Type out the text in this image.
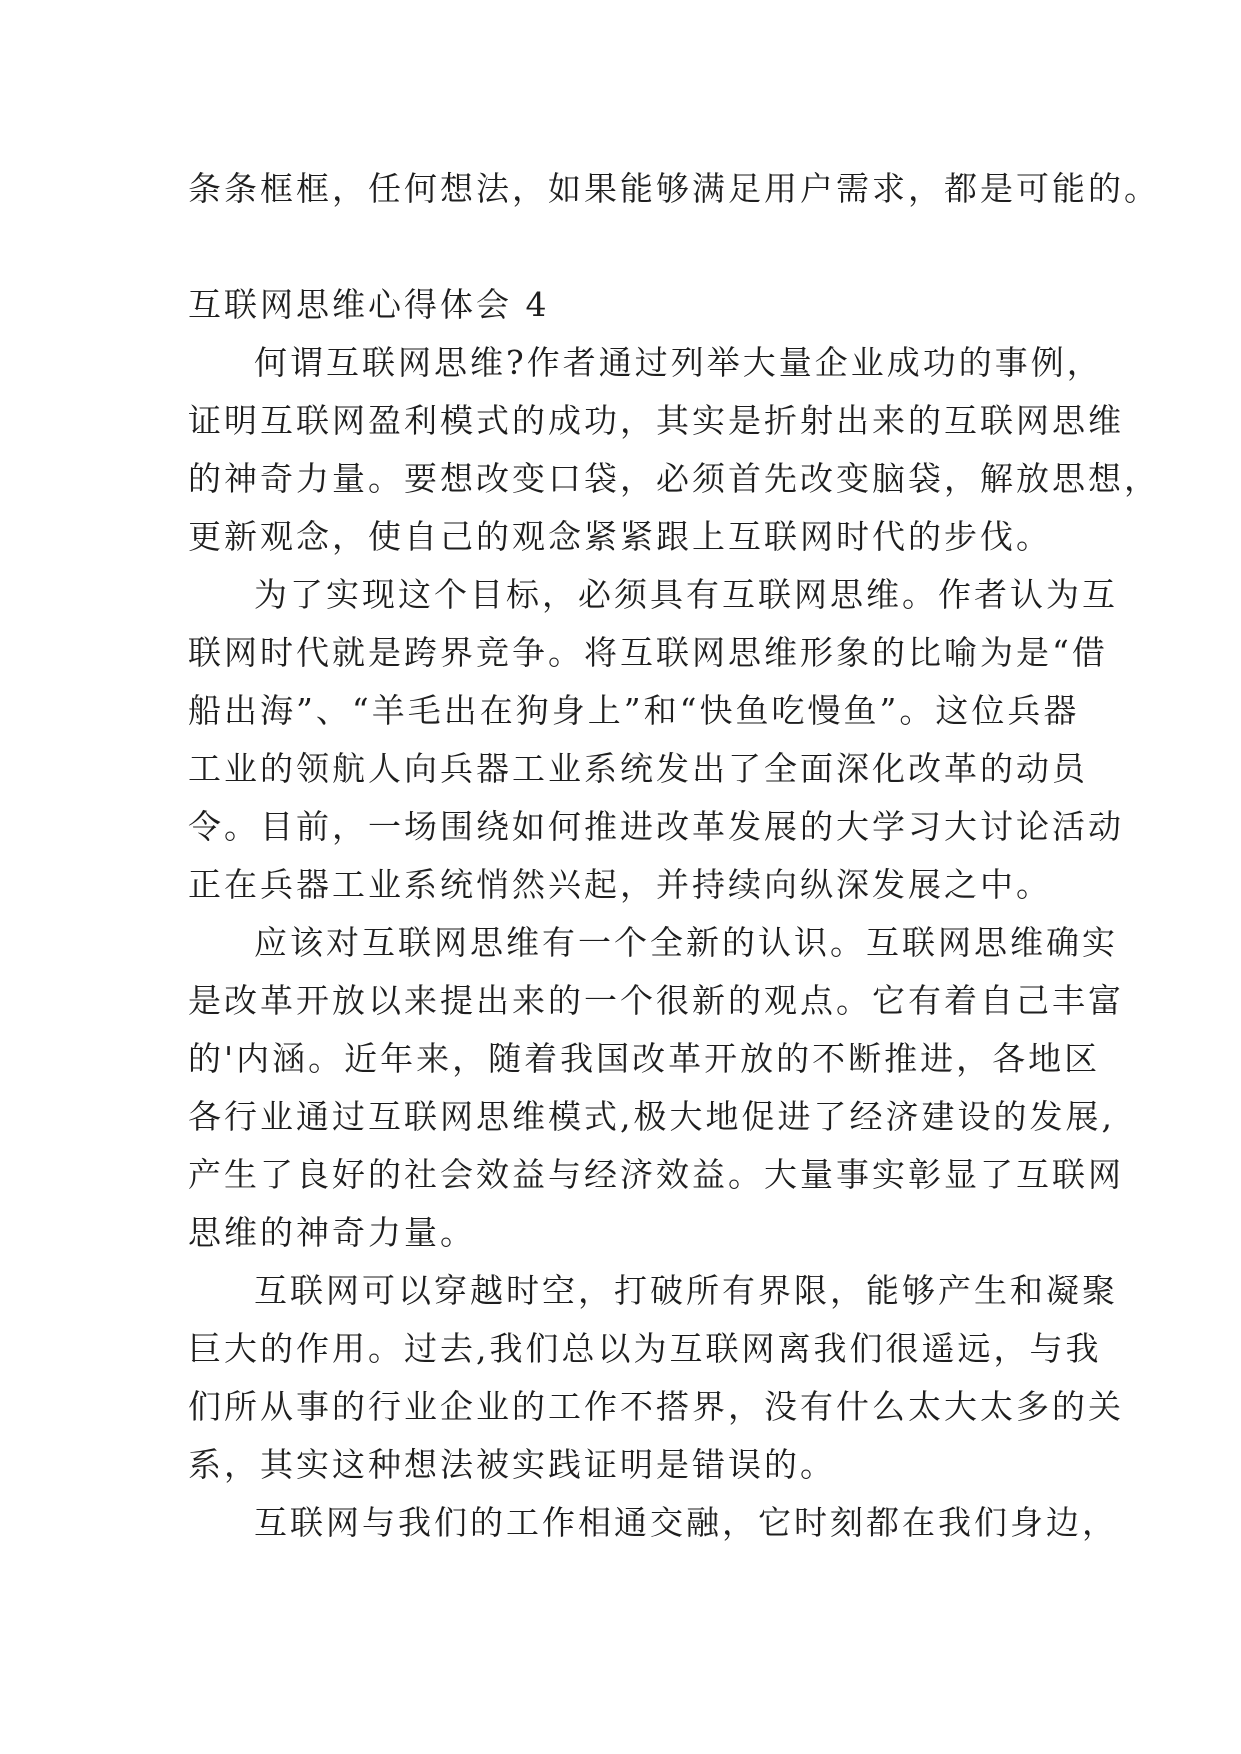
条条框框，任何想法，如果能够满足用户需求，都是可能的。
互联网思维心得体会 4
何谓互联网思维?作者通过列举大量企业成功的事例，
证明互联网盈利模式的成功，其实是折射出来的互联网思维
的神奇力量。要想改变口袋，必须首先改变脑袋，解放思想，
更新观念，使自己的观念紧紧跟上互联网时代的步伐。
为了实现这个目标，必须具有互联网思维。作者认为互
联网时代就是跨界竞争。将互联网思维形象的比喻为是“借
船出海”、“羊毛出在狗身上”和“快鱼吃慢鱼”。这位兵器
工业的领航人向兵器工业系统发出了全面深化改革的动员
令。目前，一场围绕如何推进改革发展的大学习大讨论活动
正在兵器工业系统悄然兴起，并持续向纵深发展之中。
应该对互联网思维有一个全新的认识。互联网思维确实
是改革开放以来提出来的一个很新的观点。它有着自己丰富
的'内涵。近年来，随着我国改革开放的不断推进，各地区
各行业通过互联网思维模式,极大地促进了经济建设的发展,
产生了良好的社会效益与经济效益。大量事实彰显了互联网
思维的神奇力量。
互联网可以穿越时空，打破所有界限，能够产生和凝聚
巨大的作用。过去,我们总以为互联网离我们很遥远，与我
们所从事的行业企业的工作不搭界，没有什么太大太多的关
系，其实这种想法被实践证明是错误的。
互联网与我们的工作相通交融，它时刻都在我们身边，
